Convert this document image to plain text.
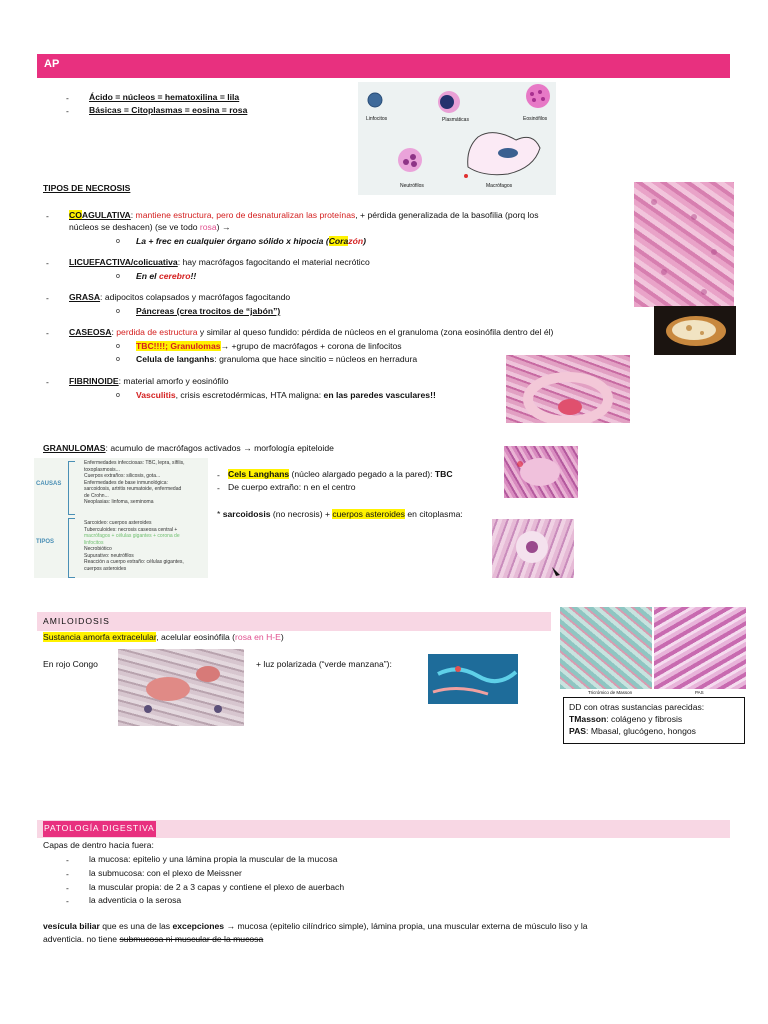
AP
- Ácido = núcleos = hematoxilina = lila
- Básicas = Citoplasmas = eosina = rosa
Linfocitos	Plasmáticas	Eosinófilos
Neutrófilos	Macrófagos
TIPOS DE NECROSIS
- COAGULATIVA: mantiene estructura, pero de desnaturalizan las proteínas, + pérdida generalizada de la basofilia (porq los
núcleos se deshacen) (se ve todo rosa) →
o La + frec en cualquier órgano sólido x hipocia (Corazón)
- LICUEFACTIVA/colicuativa: hay macrófagos fagocitando el material necrótico
o En el cerebro!!
- GRASA: adipocitos colapsados y macrófagos fagocitando
o Páncreas (crea trocitos de “jabón”)
- CASEOSA: perdida de estructura y similar al queso fundido: pérdida de núcleos en el granuloma (zona eosinófila dentro del él)
o TBC!!!!; Granulomas→ +grupo de macrófagos + corona de linfocitos
o Celula de langanhs: granuloma que hace sincitio = núcleos en herradura
- FIBRINOIDE: material amorfo y eosinófilo
o Vasculitis, crisis escretodérmicas, HTA maligna: en las paredes vasculares!!
GRANULOMAS: acumulo de macrófagos activados → morfología epiteloide
CAUSAS
TIPOS
Enfermedades infecciosas: TBC, lepra, sífilis,
toxoplasmosis...
Cuerpos extraños: silicosis, gota...
Enfermedades de base inmunológica:
sarcoidosis, artritis reumatoide, enfermedad
de Crohn...
Neoplasias: linfoma, seminoma
Sarcoideo: cuerpos asteroides
Tuberculoides: necrosis caseosa central +
macrófagos + células gigantes + corona de
linfocitos
Necrobiótico
Supurativo: neutrófilos
Reacción a cuerpo extraño: células gigantes,
cuerpos asteroides
- Cels Langhans (núcleo alargado pegado a la pared): TBC
- De cuerpo extraño: n en el centro
* sarcoidosis (no necrosis) + cuerpos asteroides en citoplasma:
AMILOIDOSIS
Sustancia amorfa extracelular, acelular eosinófila (rosa en H-E)
En rojo Congo	+ luz polarizada (“verde manzana”):
Tricrómico de Masson	PAS
DD con otras sustancias parecidas:
TMasson: colágeno y fibrosis
PAS: Mbasal, glucógeno, hongos
PATOLOGÍA DIGESTIVA
Capas de dentro hacia fuera:
- la mucosa: epitelio y una lámina propia la muscular de la mucosa
- la submucosa: con el plexo de Meissner
- la muscular propia: de 2 a 3 capas y contiene el plexo de auerbach
- la adventicia o la serosa
vesícula biliar que es una de las excepciones → mucosa (epitelio cilíndrico simple), lámina propia, una muscular externa de músculo liso y la
adventicia. no tiene submucosa ni muscular de la mucosa
